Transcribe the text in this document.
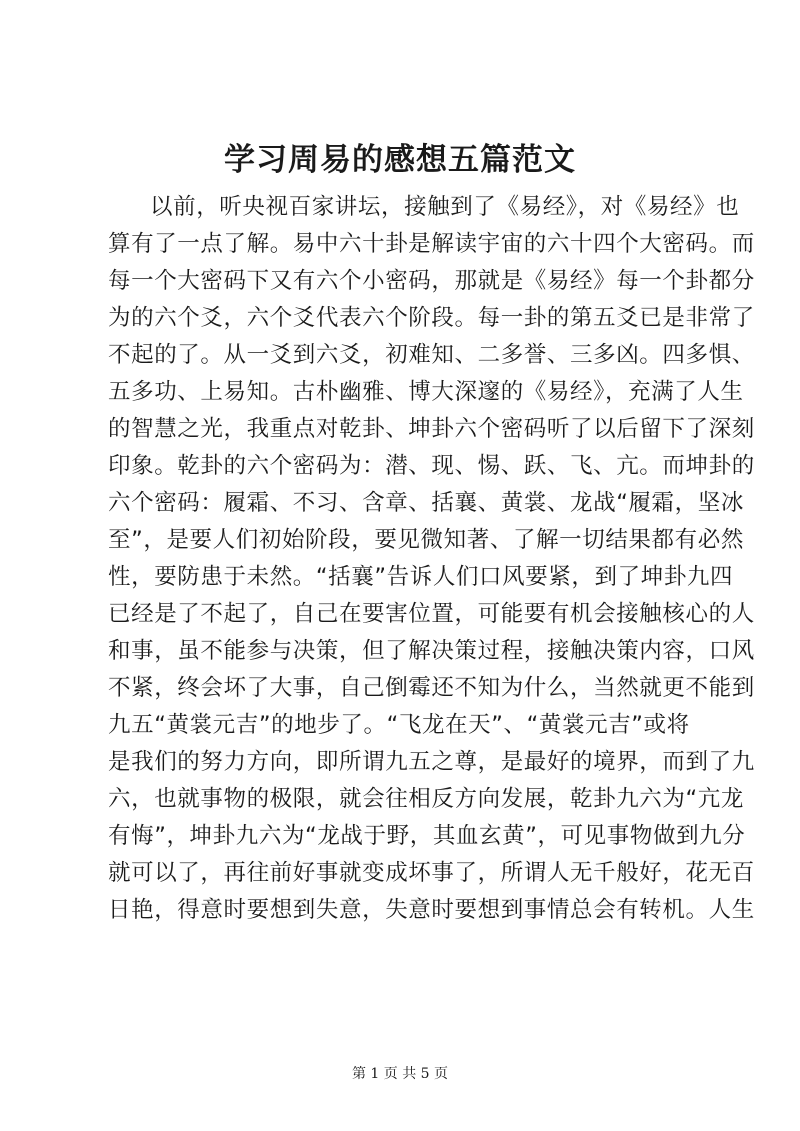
学习周易的感想五篇范文
以前，听央视百家讲坛，接触到了《易经》，对《易经》也
算有了一点了解。易中六十卦是解读宇宙的六十四个大密码。而
每一个大密码下又有六个小密码，那就是《易经》每一个卦都分
为的六个爻，六个爻代表六个阶段。每一卦的第五爻已是非常了
不起的了。从一爻到六爻，初难知、二多誉、三多凶。四多惧、
五多功、上易知。古朴幽雅、博大深邃的《易经》，充满了人生
的智慧之光，我重点对乾卦、坤卦六个密码听了以后留下了深刻
印象。乾卦的六个密码为：潜、现、惕、跃、飞、亢。而坤卦的
六个密码：履霜、不习、含章、括襄、黄裳、龙战“履霜，坚冰
至”，是要人们初始阶段，要见微知著、了解一切结果都有必然
性，要防患于未然。“括襄”告诉人们口风要紧，到了坤卦九四
已经是了不起了，自己在要害位置，可能要有机会接触核心的人
和事，虽不能参与决策，但了解决策过程，接触决策内容，口风
不紧，终会坏了大事，自己倒霉还不知为什么，当然就更不能到
九五“黄裳元吉”的地步了。“飞龙在天”、“黄裳元吉”或将
是我们的努力方向，即所谓九五之尊，是最好的境界，而到了九
六，也就事物的极限，就会往相反方向发展，乾卦九六为“亢龙
有悔”，坤卦九六为“龙战于野，其血玄黄”，可见事物做到九分
就可以了，再往前好事就变成坏事了，所谓人无千般好，花无百
日艳，得意时要想到失意，失意时要想到事情总会有转机。人生
第 1 页 共 5 页
